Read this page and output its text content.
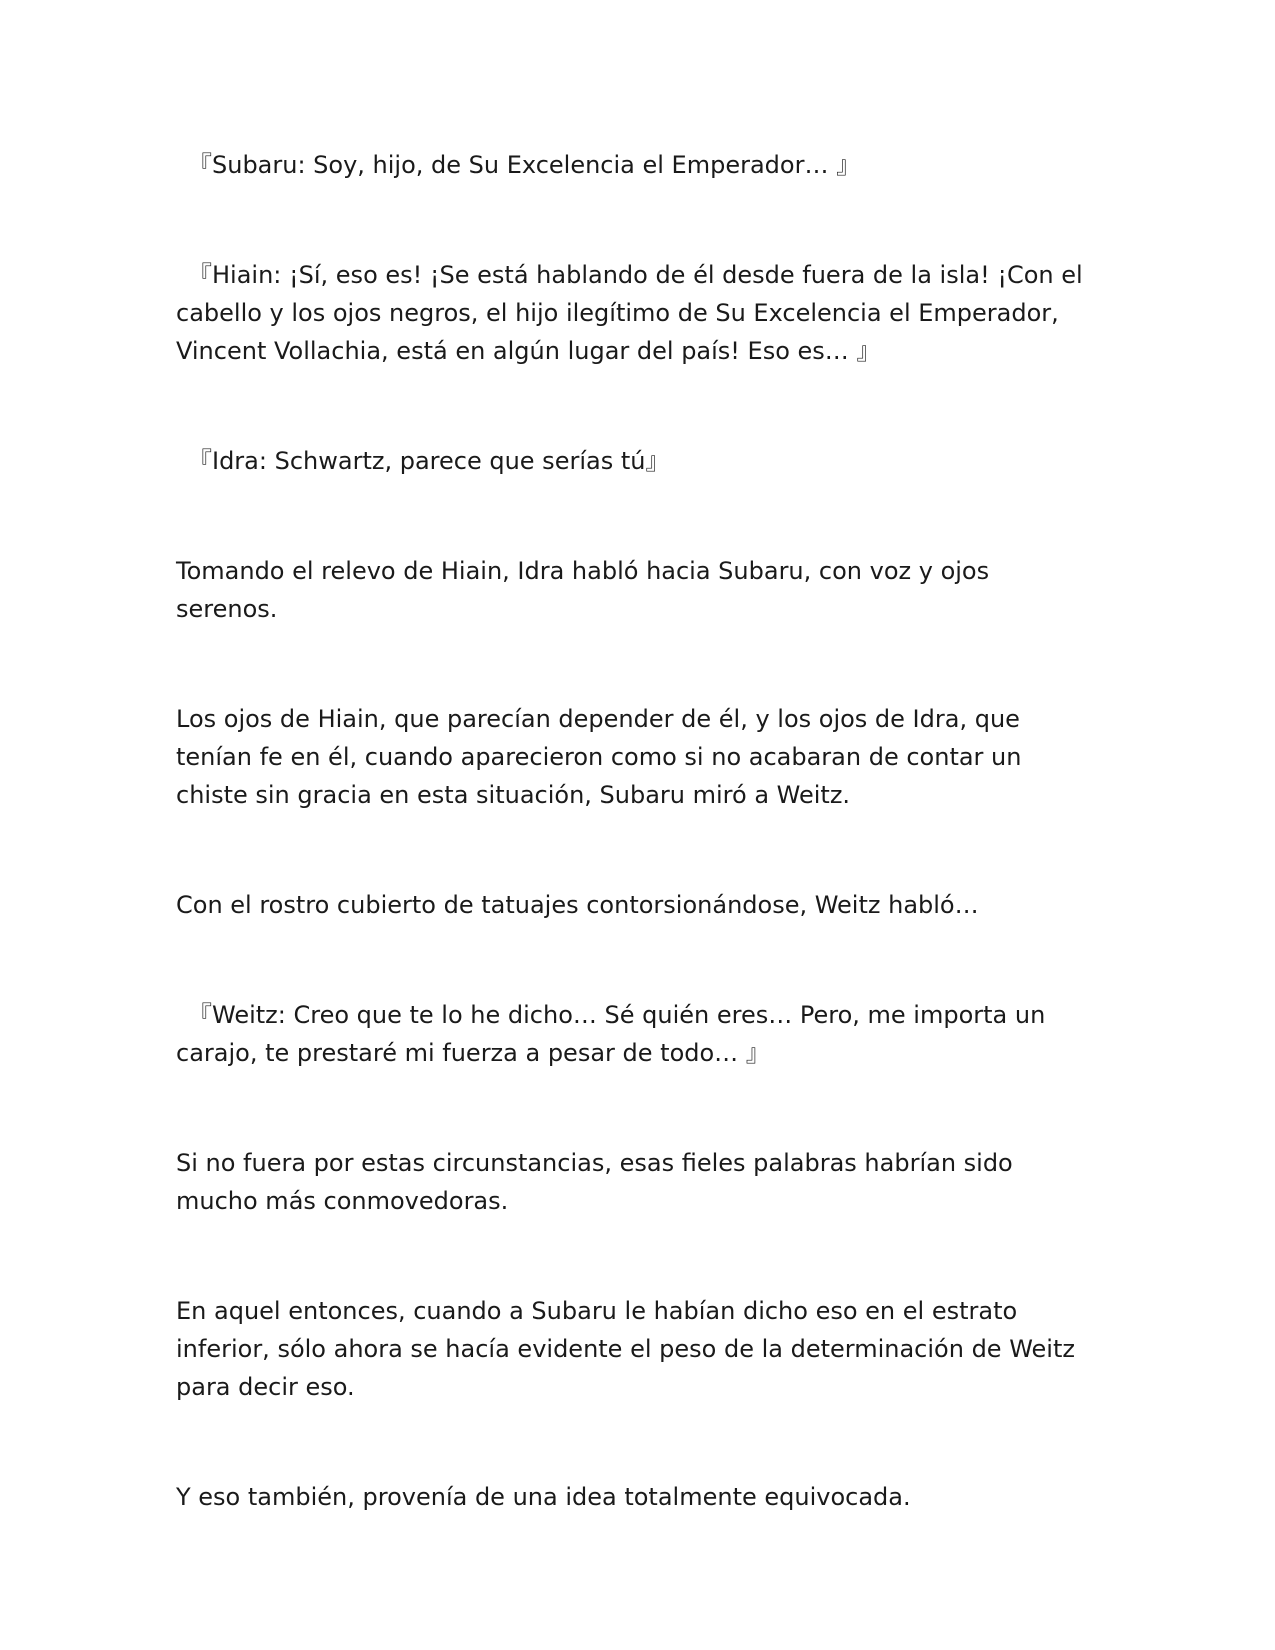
『Subaru: Soy, hijo, de Su Excelencia el Emperador… 』

『Hiain: ¡Sí, eso es! ¡Se está hablando de él desde fuera de la isla! ¡Con el cabello y los ojos negros, el hijo ilegítimo de Su Excelencia el Emperador, Vincent Vollachia, está en algún lugar del país! Eso es… 』

『Idra: Schwartz, parece que serías tú』

Tomando el relevo de Hiain, Idra habló hacia Subaru, con voz y ojos serenos.

Los ojos de Hiain, que parecían depender de él, y los ojos de Idra, que tenían fe en él, cuando aparecieron como si no acabaran de contar un chiste sin gracia en esta situación, Subaru miró a Weitz.

Con el rostro cubierto de tatuajes contorsionándose, Weitz habló…

『Weitz: Creo que te lo he dicho… Sé quién eres… Pero, me importa un carajo, te prestaré mi fuerza a pesar de todo… 』

Si no fuera por estas circunstancias, esas fieles palabras habrían sido mucho más conmovedoras.

En aquel entonces, cuando a Subaru le habían dicho eso en el estrato inferior, sólo ahora se hacía evidente el peso de la determinación de Weitz para decir eso.

Y eso también, provenía de una idea totalmente equivocada.
